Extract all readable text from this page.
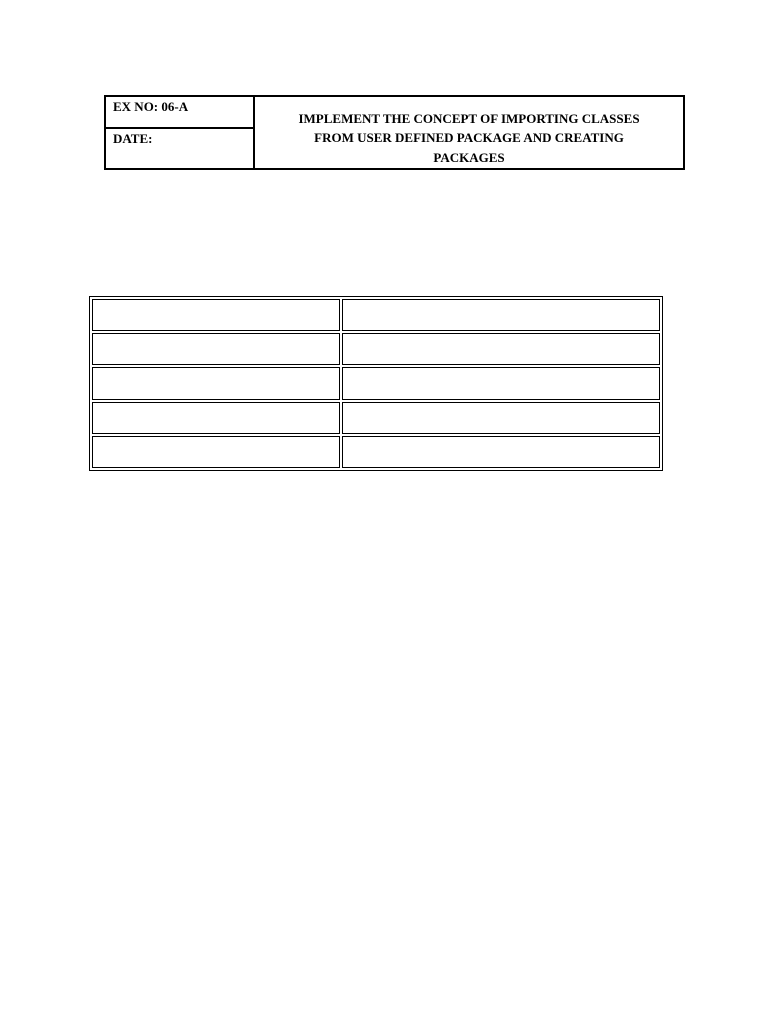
EX NO: 06-A
DATE:
IMPLEMENT THE CONCEPT OF IMPORTING CLASSES
FROM USER DEFINED PACKAGE AND CREATING
PACKAGES
